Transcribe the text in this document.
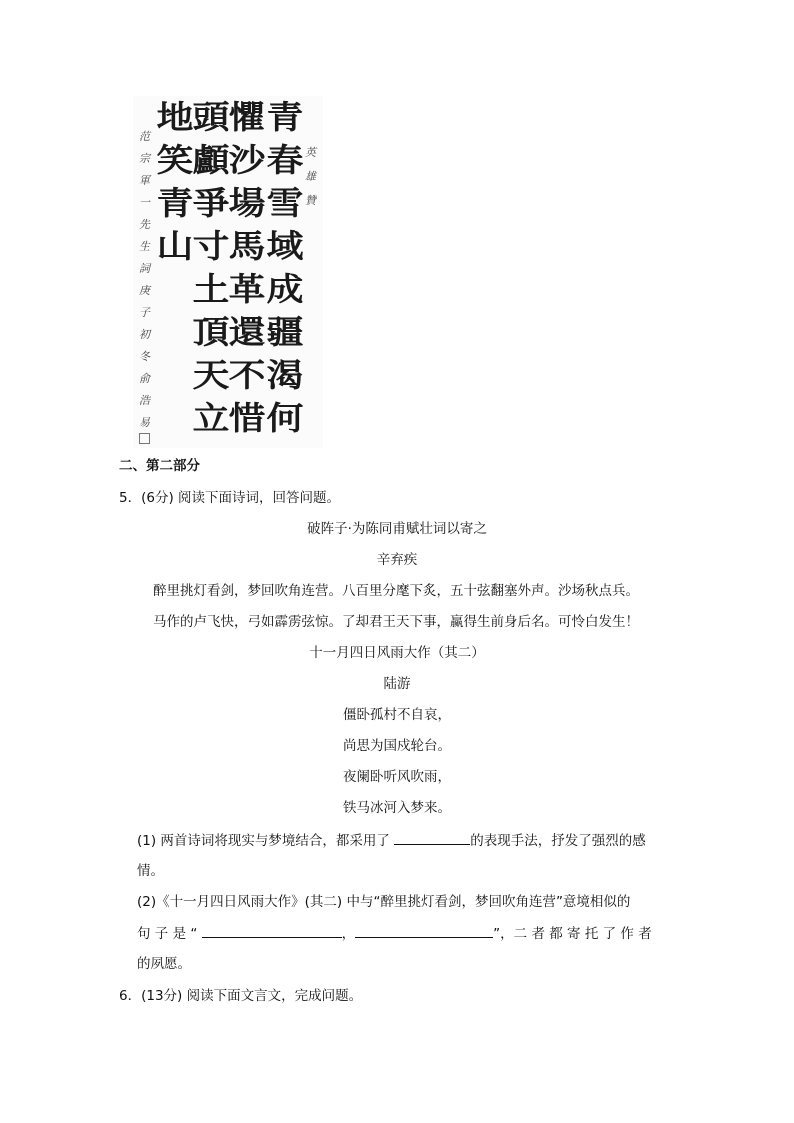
青
春
雪
域
成
疆
渴
何
懼
沙
場
馬
革
還
不
惜
頭
顱
爭
寸
土
頂
天
立
地
笑
青
山
英
雄
贊
范
宗
軍
一
先
生
詞
庚
子
初
冬
俞
浩
易
二、第二部分
5．(6分) 阅读下面诗词，回答问题。
破阵子·为陈同甫赋壮词以寄之
辛弃疾
醉里挑灯看剑，梦回吹角连营。八百里分麾下炙，五十弦翻塞外声。沙场秋点兵。
马作的卢飞快，弓如霹雳弦惊。了却君王天下事，赢得生前身后名。可怜白发生！
十一月四日风雨大作（其二）
陆游
僵卧孤村不自哀，
尚思为国戍轮台。
夜阑卧听风吹雨，
铁马冰河入梦来。
(1) 两首诗词将现实与梦境结合，都采用了	的表现手法，抒发了强烈的感
情。
(2)《十一月四日风雨大作》(其二) 中与“醉里挑灯看剑，梦回吹角连营”意境相似的
句 子 是 “	，	”，二 者 都 寄 托 了 作 者
的夙愿。
6．(13分) 阅读下面文言文，完成问题。
